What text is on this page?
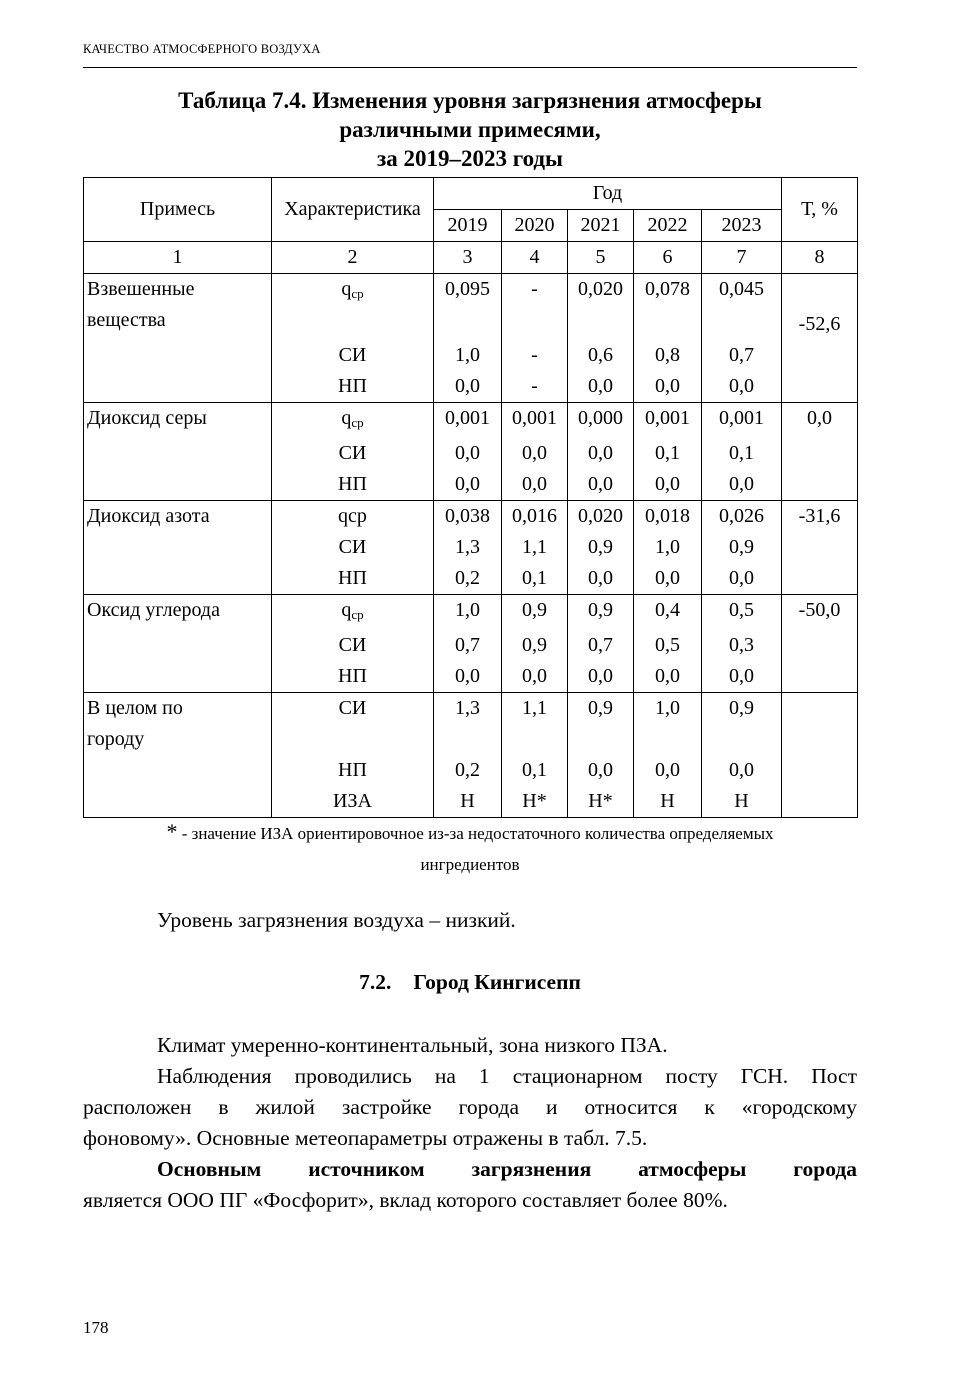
КАЧЕСТВО АТМОСФЕРНОГО ВОЗДУХА
Таблица 7.4. Изменения уровня загрязнения атмосферы
различными примесями,
за 2019–2023 годы
Примесь	Характеристика	Год					Т, %
		2019	2020	2021	2022	2023	
1	2	3	4	5	6	7	8

Взвешенные
вещества	$q_{ср}$	0,095	-	0,020	0,078	0,045	
							-52,6
	СИ	1,0	-	0,6	0,8	0,7	
	НП	0,0	-	0,0	0,0	0,0	
Диоксид серы	$q_{ср}$	0,001	0,001	0,000	0,001	0,001	0,0
	СИ	0,0	0,0	0,0	0,1	0,1	
	НП	0,0	0,0	0,0	0,0	0,0	
Диоксид азота	qср	0,038	0,016	0,020	0,018	0,026	-31,6
	СИ	1,3	1,1	0,9	1,0	0,9	
	НП	0,2	0,1	0,0	0,0	0,0	
Оксид углерода	$q_{ср}$	1,0	0,9	0,9	0,4	0,5	-50,0
	СИ	0,7	0,9	0,7	0,5	0,3	
	НП	0,0	0,0	0,0	0,0	0,0	

В целом по
городу	СИ	1,3	1,1	0,9	1,0	0,9	

	НП	0,2	0,1	0,0	0,0	0,0	
	ИЗА	Н	Н*	Н*	Н	Н	
* - значение ИЗА ориентировочное из-за недостаточного количества определяемых
ингредиентов
Уровень загрязнения воздуха – низкий.
7.2. Город Кингисепп
Климат умеренно-континентальный, зона низкого ПЗА.
Наблюдения проводились на 1 стационарном посту ГСН. Пост
расположен в жилой застройке города и относится к «городскому
фоновому». Основные метеопараметры отражены в табл. 7.5.
Основным источником загрязнения атмосферы города
является ООО ПГ «Фосфорит», вклад которого составляет более 80%.
178
